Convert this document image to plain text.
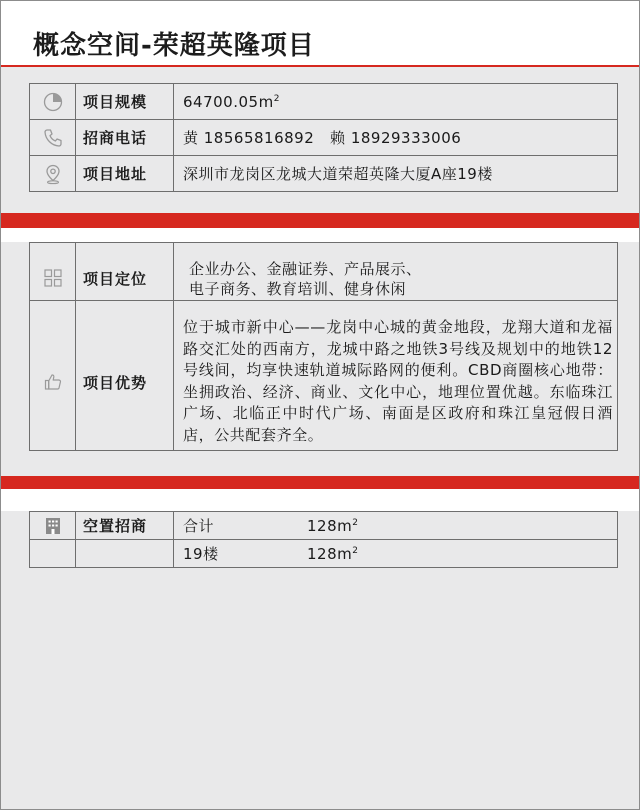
概念空间-荣超英隆项目
	项目规模	$64700.05m^2$
	招商电话	黄 18565816892   赖 18929333006
	项目地址	深圳市龙岗区龙城大道荣超英隆大厦A座19楼

项目定位	企业办公、金融证券、产品展示、
电子商务、教育培训、健身休闲

项目优势	位于城市新中心——龙岗中心城的黄金地段，龙翔大道和龙福路交汇处的西南方，龙城中路之地铁3号线及规划中的地铁12号线间，均享快速轨道城际路网的便利。CBD商圈核心地带：坐拥政治、经济、商业、文化中心，地理位置优越。东临珠江广场、北临正中时代广场、南面是区政府和珠江皇冠假日酒店，公共配套齐全。
	空置招商	合计 $128m^2$
		19楼 $128m^2$
